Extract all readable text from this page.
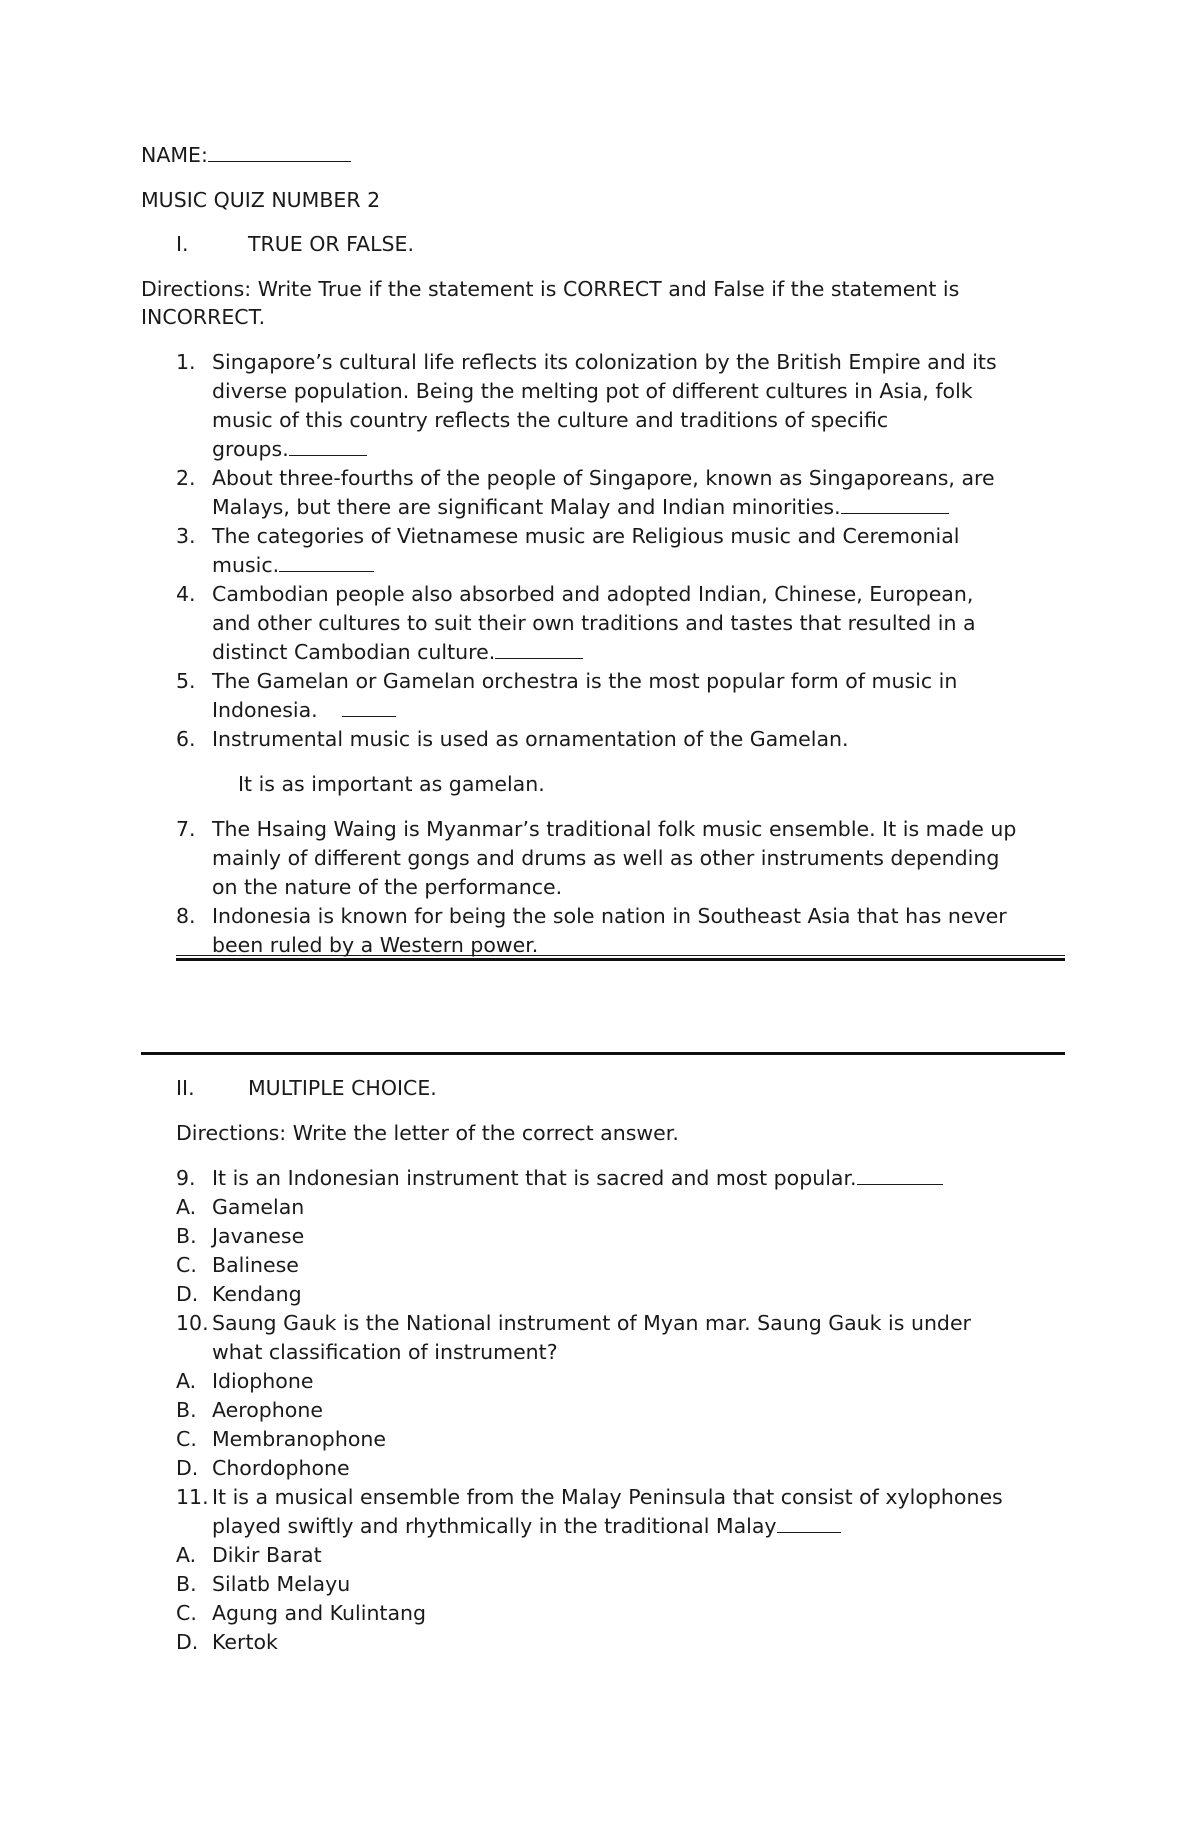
NAME:
MUSIC QUIZ NUMBER 2
I.	TRUE OR FALSE.
Directions: Write True if the statement is CORRECT and False if the statement is
INCORRECT.
1. Singapore’s cultural life reflects its colonization by the British Empire and its
diverse population. Being the melting pot of different cultures in Asia, folk
music of this country reflects the culture and traditions of specific
groups.
2. About three-fourths of the people of Singapore, known as Singaporeans, are
Malays, but there are significant Malay and Indian minorities.
3. The categories of Vietnamese music are Religious music and Ceremonial
music.
4. Cambodian people also absorbed and adopted Indian, Chinese, European,
and other cultures to suit their own traditions and tastes that resulted in a
distinct Cambodian culture.
5. The Gamelan or Gamelan orchestra is the most popular form of music in
Indonesia.
6. Instrumental music is used as ornamentation of the Gamelan.
It is as important as gamelan.
7. The Hsaing Waing is Myanmar’s traditional folk music ensemble. It is made up
mainly of different gongs and drums as well as other instruments depending
on the nature of the performance.
8. Indonesia is known for being the sole nation in Southeast Asia that has never
been ruled by a Western power.
II.	MULTIPLE CHOICE.
Directions: Write the letter of the correct answer.
9. It is an Indonesian instrument that is sacred and most popular.
A. Gamelan
B. Javanese
C. Balinese
D. Kendang
10. Saung Gauk is the National instrument of Myan mar. Saung Gauk is under
what classification of instrument?
A. Idiophone
B. Aerophone
C. Membranophone
D. Chordophone
11. It is a musical ensemble from the Malay Peninsula that consist of xylophones
played swiftly and rhythmically in the traditional Malay
A. Dikir Barat
B. Silatb Melayu
C. Agung and Kulintang
D. Kertok
